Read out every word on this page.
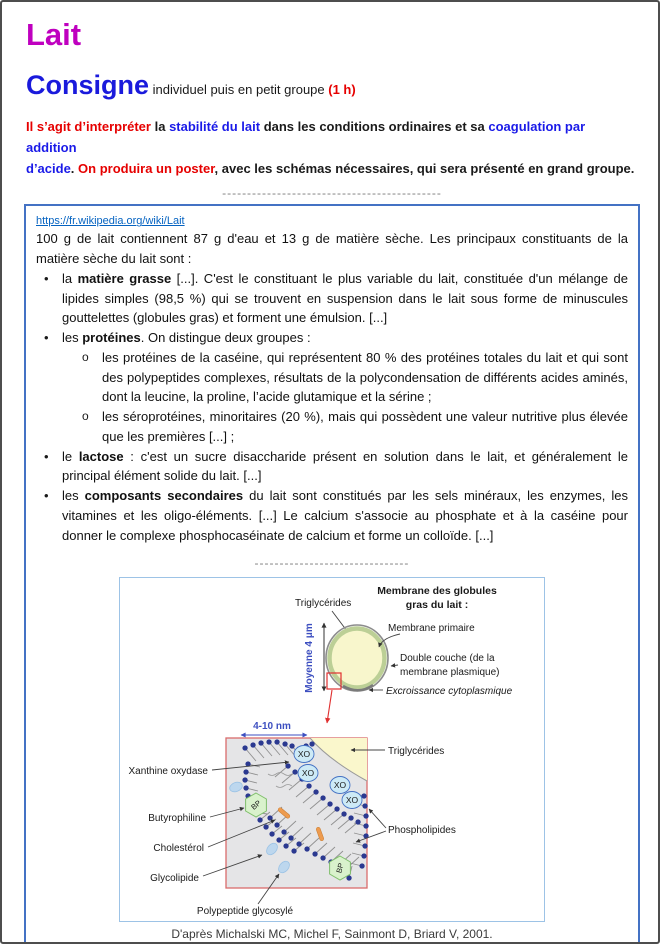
Lait
Consigne individuel puis en petit groupe (1 h)
Il s’agit d’interpréter la stabilité du lait dans les conditions ordinaires et sa coagulation par addition
d’acide. On produira un poster, avec les schémas nécessaires, qui sera présenté en grand groupe.
--------------------------------------------
https://fr.wikipedia.org/wiki/Lait

100 g de lait contiennent 87 g d'eau et 13 g de matière sèche. Les principaux constituants de la matière sèche du lait sont :

•	la matière grasse [...]. C'est le constituant le plus variable du lait, constituée d'un mélange de lipides simples (98,5 %) qui se trouvent en suspension dans le lait sous forme de minuscules gouttelettes (globules gras) et forment une émulsion. [...]
•	les protéines. On distingue deux groupes :
o	les protéines de la caséine, qui représentent 80 % des protéines totales du lait et qui sont des polypeptides complexes, résultats de la polycondensation de différents acides aminés, dont la leucine, la proline, l’acide glutamique et la sérine ;
o	les séroprotéines, minoritaires (20 %), mais qui possèdent une valeur nutritive plus élevée que les premières [...] ;
•	le lactose : c'est un sucre disaccharide présent en solution dans le lait, et généralement le principal élément solide du lait. [...]
•	les composants secondaires du lait sont constitués par les sels minéraux, les enzymes, les vitamines et les oligo-éléments. [...] Le calcium s'associe au phosphate et à la caséine pour donner le complexe phosphocaséinate de calcium et forme un colloïde. [...]
-------------------------------
Membrane des globules
gras du lait :
Triglycérides
Membrane primaire
Double couche (de la
membrane plasmique)
Excroissance cytoplasmique
Moyenne 4 μm
4-10 nm
XO
XO
XO
XO
BP
BP
Xanthine oxydase
Butyrophiline
Cholestérol
Glycolipide
Polypeptide glycosylé
Triglycérides
Phospholipides
D'après Michalski MC, Michel F, Sainmont D, Briard V, 2001.
